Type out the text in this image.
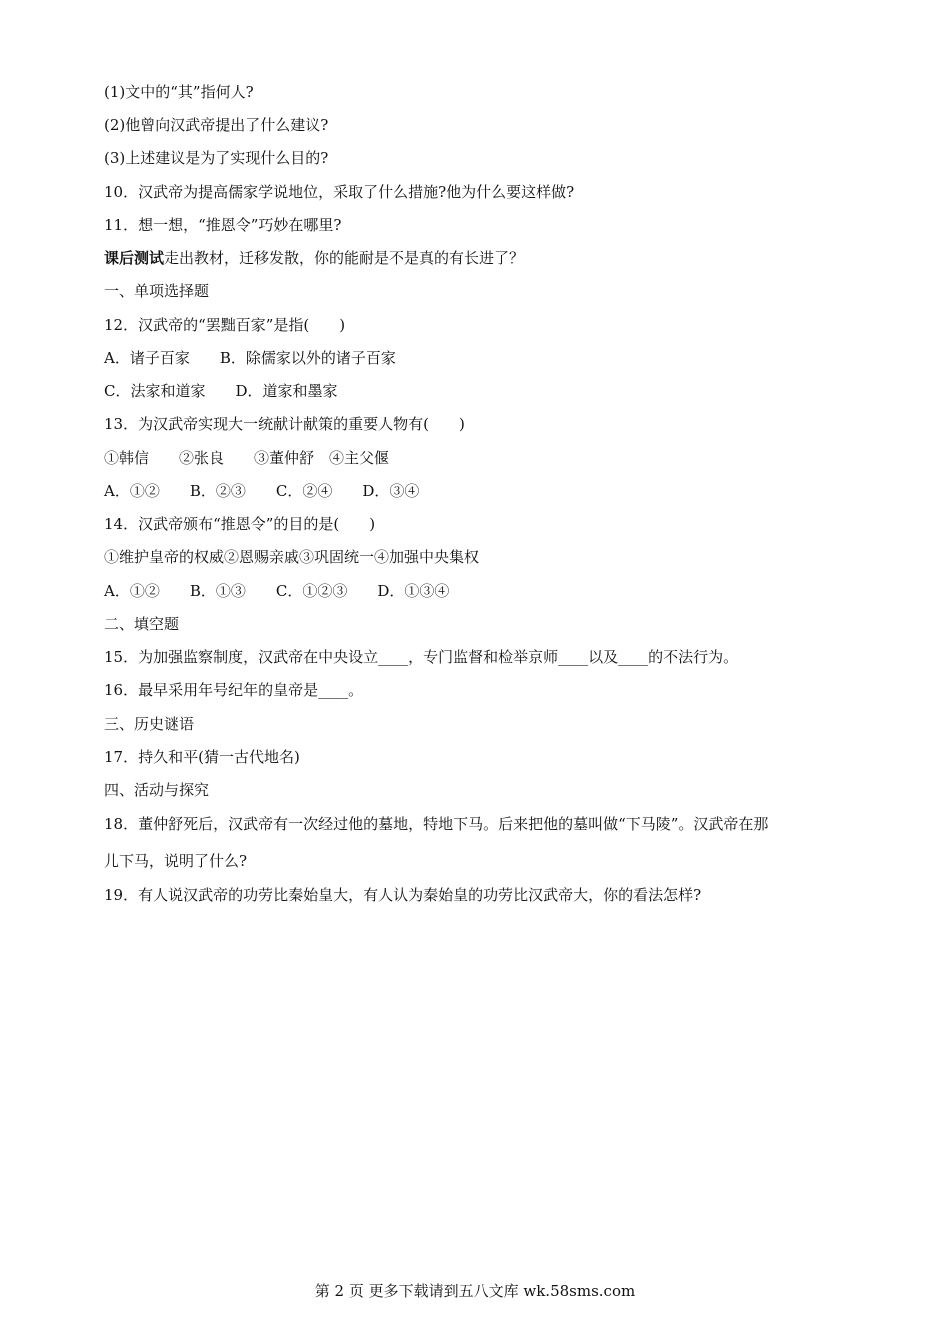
(1)文中的“其”指何人?
(2)他曾向汉武帝提出了什么建议?
(3)上述建议是为了实现什么目的?
10．汉武帝为提高儒家学说地位，采取了什么措施?他为什么要这样做?
11．想一想，“推恩令”巧妙在哪里?
课后测试走出教材，迁移发散，你的能耐是不是真的有长进了？
一、单项选择题
12．汉武帝的“罢黜百家”是指(　　)
A．诸子百家　　B．除儒家以外的诸子百家
C．法家和道家　　D．道家和墨家
13．为汉武帝实现大一统献计献策的重要人物有(　　)
①韩信　　②张良　　③董仲舒　④主父偃
A．①②　　B．②③　　C．②④　　D．③④
14．汉武帝颁布“推恩令”的目的是(　　)
①维护皇帝的权威②恩赐亲戚③巩固统一④加强中央集权
A．①②　　B．①③　　C．①②③　　D．①③④
二、填空题
15．为加强监察制度，汉武帝在中央设立____，专门监督和检举京师____以及____的不法行为。
16．最早采用年号纪年的皇帝是____。
三、历史谜语
17．持久和平(猜一古代地名)
四、活动与探究
18．董仲舒死后，汉武帝有一次经过他的墓地，特地下马。后来把他的墓叫做“下马陵”。汉武帝在那
儿下马，说明了什么?
19．有人说汉武帝的功劳比秦始皇大，有人认为秦始皇的功劳比汉武帝大，你的看法怎样?
第 2 页 更多下载请到五八文库 wk.58sms.com
